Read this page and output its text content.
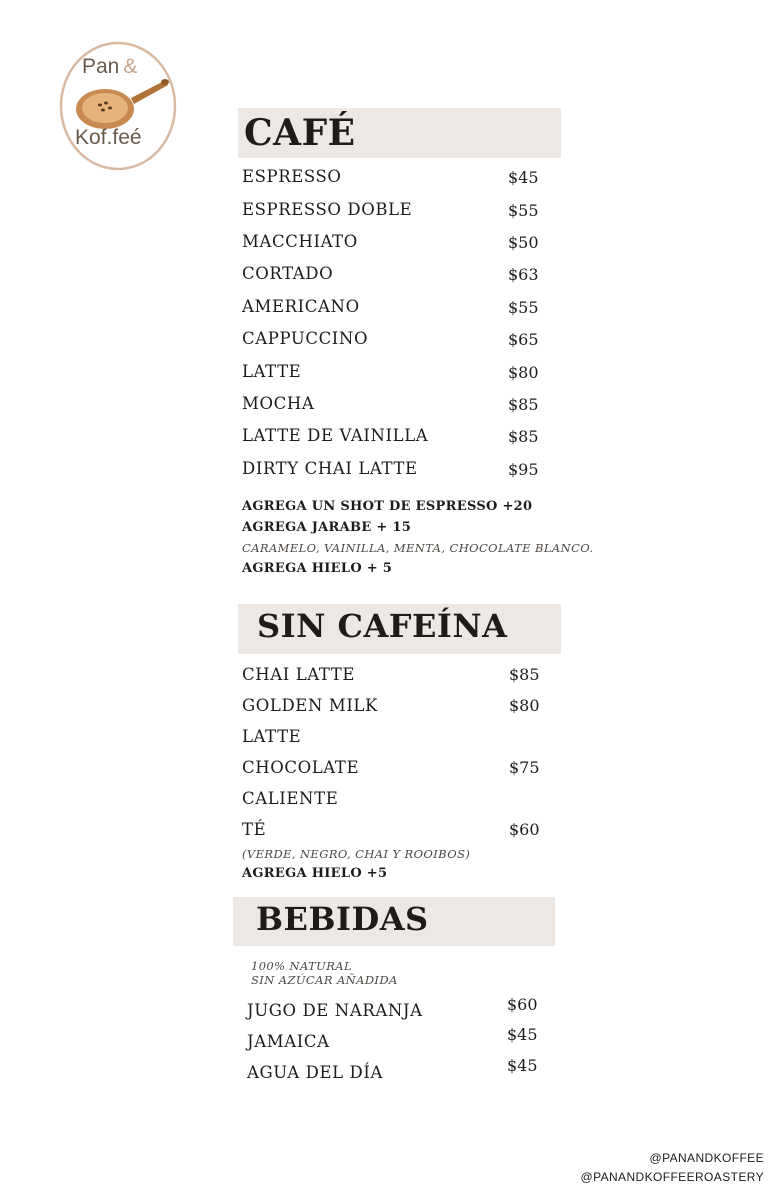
Pan &
Kof.feé	CAFÉ
ESPRESSO	$45
ESPRESSO DOBLE	$55
MACCHIATO	$50
CORTADO	$63
AMERICANO	$55
CAPPUCCINO	$65
LATTE	$80
MOCHA	$85
LATTE DE VAINILLA	$85
DIRTY CHAI LATTE	$95
AGREGA UN SHOT DE ESPRESSO +20
AGREGA JARABE + 15
CARAMELO, VAINILLA, MENTA, CHOCOLATE BLANCO.
AGREGA HIELO + 5
SIN CAFEÍNA
CHAI LATTE	$85
GOLDEN MILK	$80
LATTE
CHOCOLATE	$75
CALIENTE
TÉ	$60
(VERDE, NEGRO, CHAI Y ROOIBOS)
AGREGA HIELO +5
BEBIDAS
100% NATURAL
SIN AZÚCAR AÑADIDA
JUGO DE NARANJA	$60
JAMAICA	$45
AGUA DEL DÍA	$45
@PANANDKOFFEE
@PANANDKOFFEEROASTERY
